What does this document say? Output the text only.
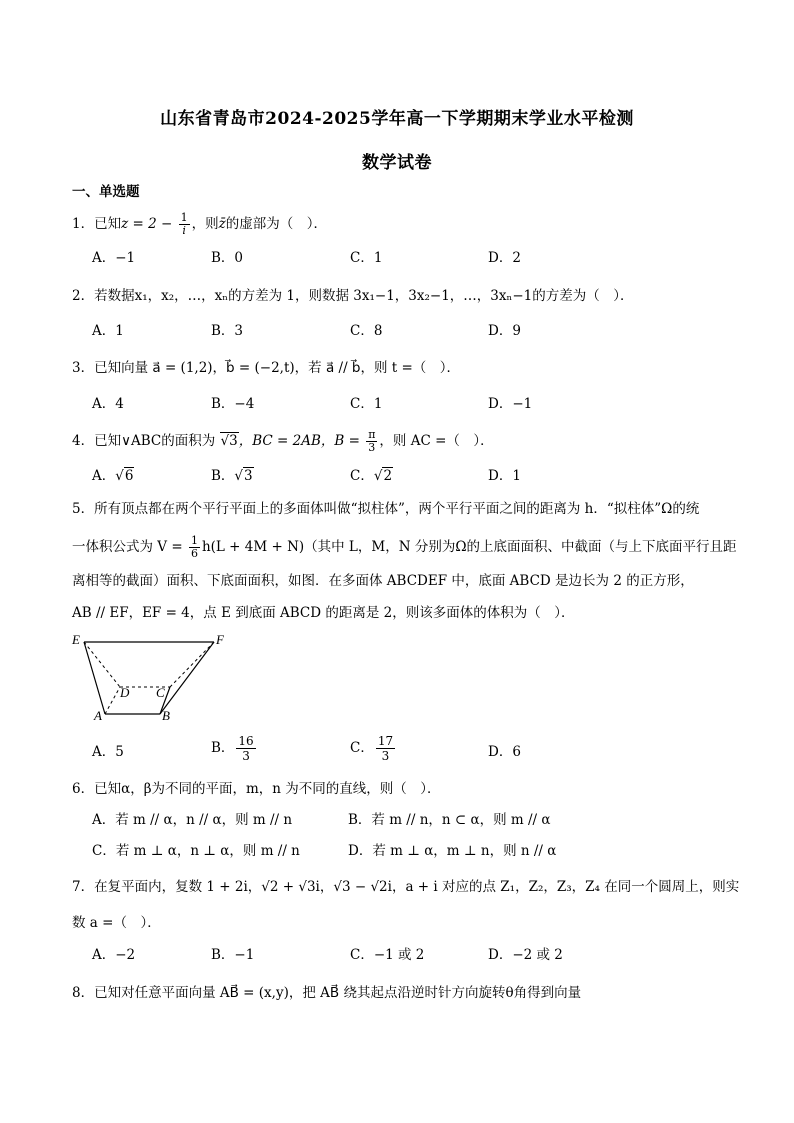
山东省青岛市2024-2025学年高一下学期期末学业水平检测
数学试卷
一、单选题
1．已知$z = 2 - \frac{1}{i}$ ，则z̄的虚部为（　）．
A．−1	B．0	C．1	D．2
2．若数据x₁，x₂，…，xₙ的方差为 1，则数据 3x₁−1，3x₂−1，…，3xₙ−1的方差为（　）．
A．1	B．3	C．8	D．9
3．已知向量 a⃗ = (1,2)，b⃗ = (−2,t)，若 a⃗ // b⃗，则 t =（　）．
A．4	B．−4	C．1	D．−1
4．已知∨ABC的面积为 √3，BC = 2AB，$B = \frac{\pi}{3}$ ，则 AC =（　）．
A．√6	B．√3	C．√2	D．1
5．所有顶点都在两个平行平面上的多面体叫做“拟柱体”，两个平行平面之间的距离为 h．“拟柱体”Ω的统
一体积公式为 $V = \frac{1}{6} h(L + 4M + N)$（其中 L，M，N 分别为Ω的上底面面积、中截面（与上下底面平行且距
离相等的截面）面积、下底面面积，如图．在多面体 ABCDEF 中，底面 ABCD 是边长为 2 的正方形，
AB // EF，EF = 4，点 E 到底面 ABCD 的距离是 2，则该多面体的体积为（　）．
E	F
D C
A	B
A．5	B． $\frac{16}{3}$	C． $\frac{17}{3}$	D．6
6．已知α，β为不同的平面，m，n 为不同的直线，则（　）．
A．若 m // α，n // α，则 m // n	B．若 m // n，n ⊂ α，则 m // α
C．若 m ⊥ α，n ⊥ α，则 m // n	D．若 m ⊥ α，m ⊥ n，则 n // α
7．在复平面内，复数 1 + 2i，√2 + √3i，√3 − √2i，a + i 对应的点 Z₁，Z₂，Z₃，Z₄ 在同一个圆周上，则实
数 a =（　）．
A．−2	B．−1	C．−1 或 2	D．−2 或 2
8．已知对任意平面向量 AB⃗ = (x,y)，把 AB⃗ 绕其起点沿逆时针方向旋转θ角得到向量
